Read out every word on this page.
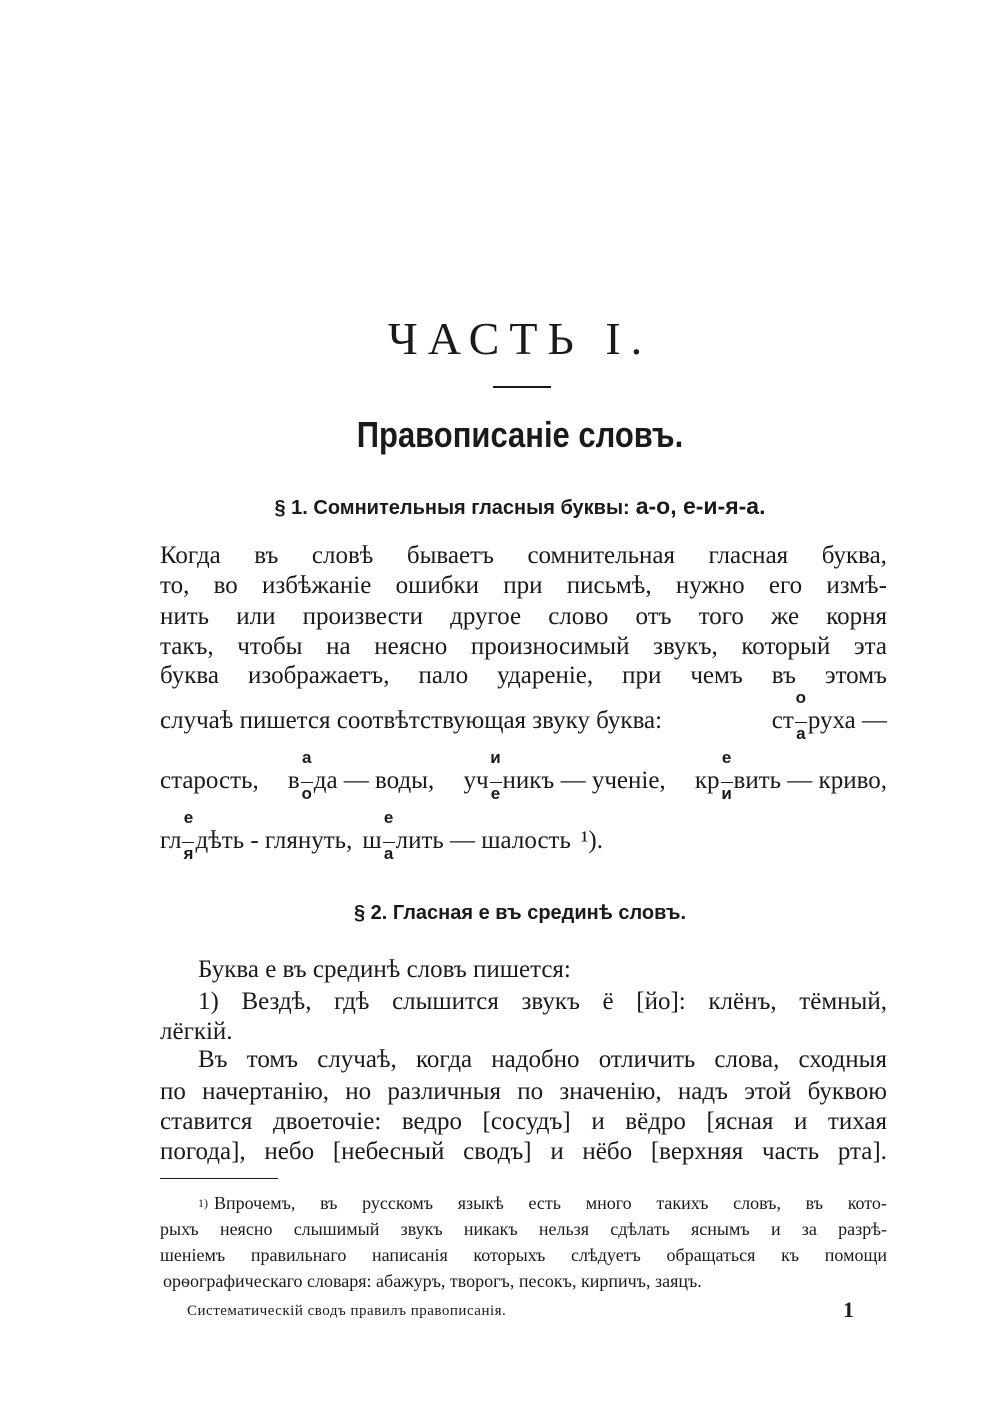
ЧАСТЬ I.
Правописаніе словъ.
§ 1. Сомнительныя гласныя буквы: а-о, е-и-я-а.
Когда въ словѣ бываетъ сомнительная гласная буква,
то, во избѣжаніе ошибки при письмѣ, нужно его измѣ-
нить или произвести другое слово отъ того же корня
такъ, чтобы на неясно произносимый звукъ, который эта
буква изображаетъ, пало удареніе, при чемъ въ этомъ
случаѣ пишется соотвѣтствующая звуку буква:	ст
о
а руха —
старость, в
а
о да — воды, уч
и
е никъ — ученіе, кр
е
и вить — криво,
гл
е
я дѣть - глянуть, ш
е
а лить — шалость ¹).
§ 2. Гласная е въ срединѣ словъ.
Буква е въ срединѣ словъ пишется:
1) Вездѣ, гдѣ слышится звукъ ё [йо]: клёнъ, тёмный,
лёгкій.
Въ томъ случаѣ, когда надобно отличить слова, сходныя
по начертанію, но различныя по значенію, надъ этой буквою
ставится двоеточіе: ведро [сосудъ] и вёдро [ясная и тихая
погода], небо [небесный сводъ] и нёбо [верхняя часть рта].
$^{1)}$ Впрочемъ, въ русскомъ языкѣ есть много такихъ словъ, въ кото-
рыхъ неясно слышимый звукъ никакъ нельзя сдѣлать яснымъ и за разрѣ-
шеніемъ правильнаго написанія которыхъ слѣдуетъ обращаться къ помощи
орѳографическаго словаря: абажуръ, творогъ, песокъ, кирпичъ, заяцъ.
Систематическій сводъ правилъ правописанія.	1
